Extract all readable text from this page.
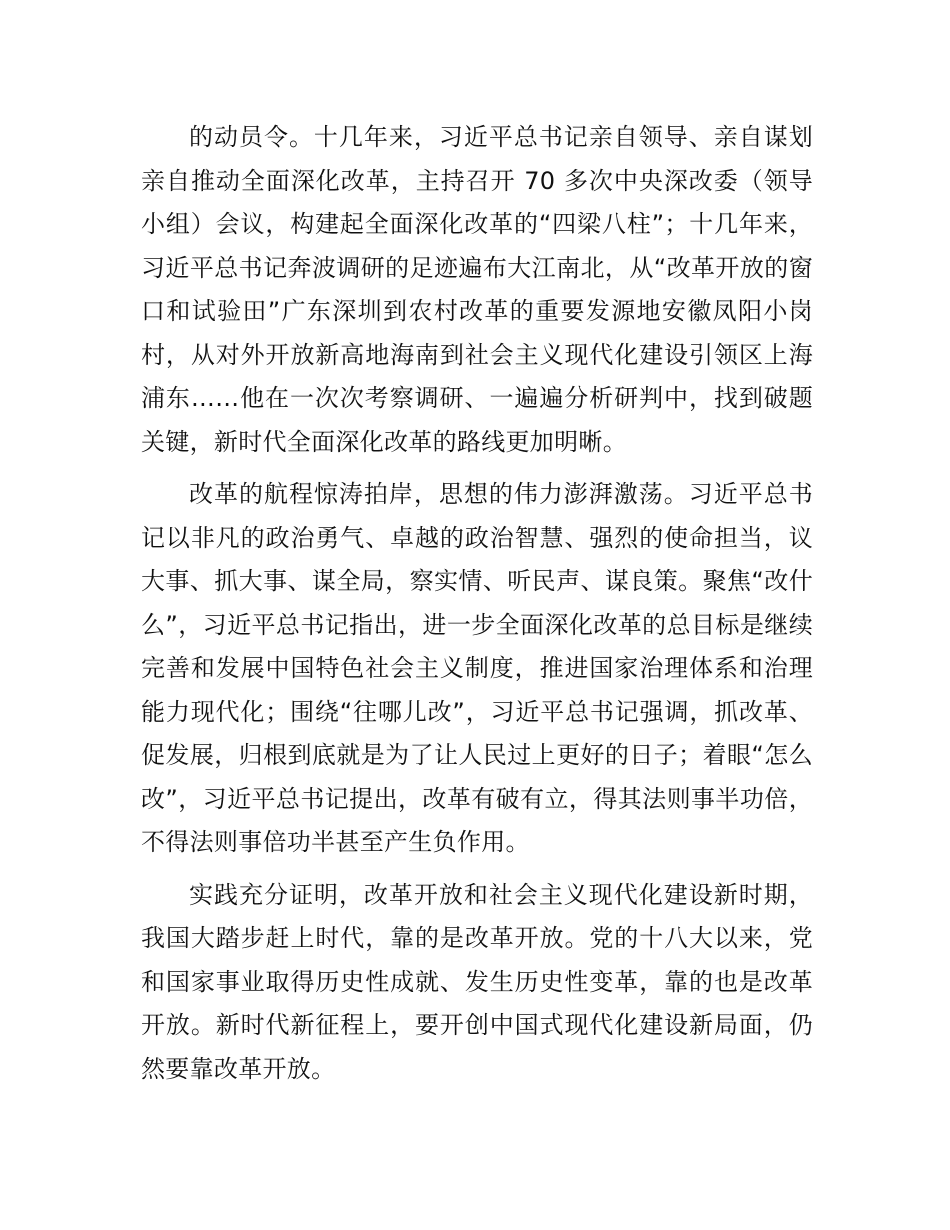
的动员令。十几年来，习近平总书记亲自领导、亲自谋划亲自推动全面深化改革，主持召开 70 多次中央深改委（领导小组）会议，构建起全面深化改革的“四梁八柱”；十几年来，习近平总书记奔波调研的足迹遍布大江南北，从“改革开放的窗口和试验田”广东深圳到农村改革的重要发源地安徽凤阳小岗村，从对外开放新高地海南到社会主义现代化建设引领区上海浦东……他在一次次考察调研、一遍遍分析研判中，找到破题关键，新时代全面深化改革的路线更加明晰。

改革的航程惊涛拍岸，思想的伟力澎湃激荡。习近平总书记以非凡的政治勇气、卓越的政治智慧、强烈的使命担当，议大事、抓大事、谋全局，察实情、听民声、谋良策。聚焦“改什么”，习近平总书记指出，进一步全面深化改革的总目标是继续完善和发展中国特色社会主义制度，推进国家治理体系和治理能力现代化；围绕“往哪儿改”，习近平总书记强调，抓改革、促发展，归根到底就是为了让人民过上更好的日子；着眼“怎么改”，习近平总书记提出，改革有破有立，得其法则事半功倍，不得法则事倍功半甚至产生负作用。

实践充分证明，改革开放和社会主义现代化建设新时期，我国大踏步赶上时代，靠的是改革开放。党的十八大以来，党和国家事业取得历史性成就、发生历史性变革，靠的也是改革开放。新时代新征程上，要开创中国式现代化建设新局面，仍然要靠改革开放。
